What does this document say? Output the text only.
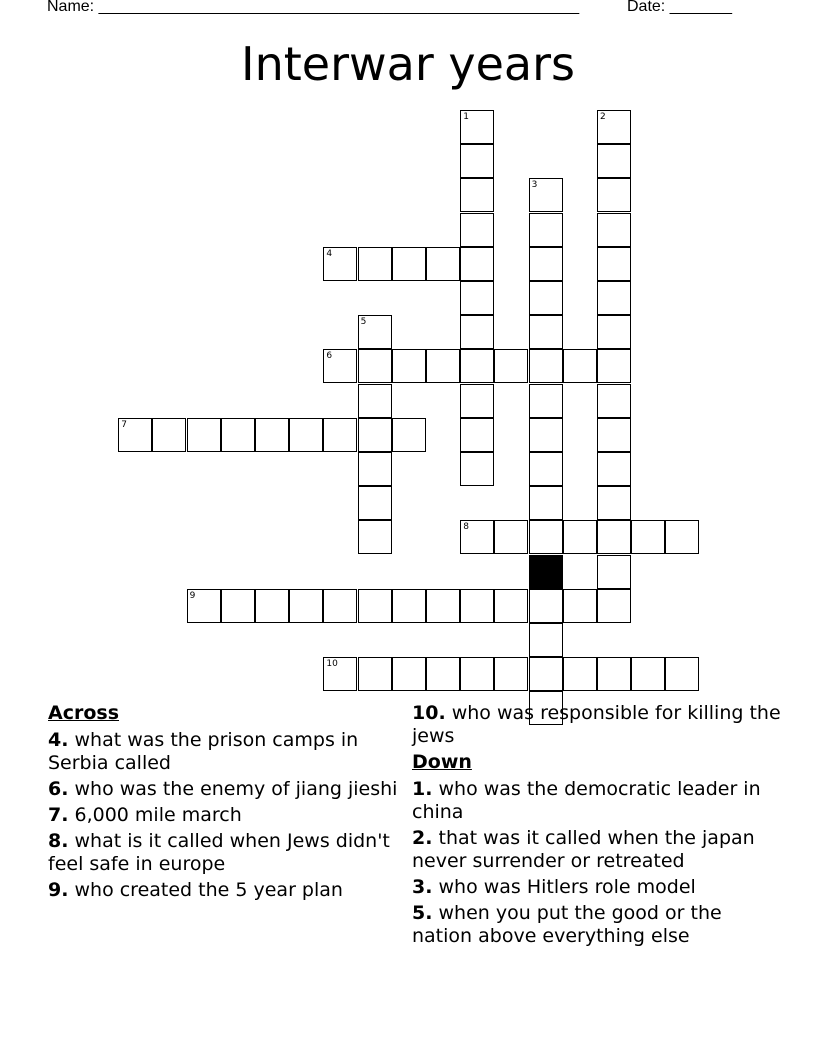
Name: ______________________________________________________	Date: _______
Interwar years
1	2
3
4
5
6
7
8
9
10
Across
4. what was the prison camps in Serbia called
6. who was the enemy of jiang jieshi
7. 6,000 mile march
8. what is it called when Jews didn't feel safe in europe
9. who created the 5 year plan
10. who was responsible for killing the jews
Down
1. who was the democratic leader in china
2. that was it called when the japan never surrender or retreated
3. who was Hitlers role model
5. when you put the good or the nation above everything else
